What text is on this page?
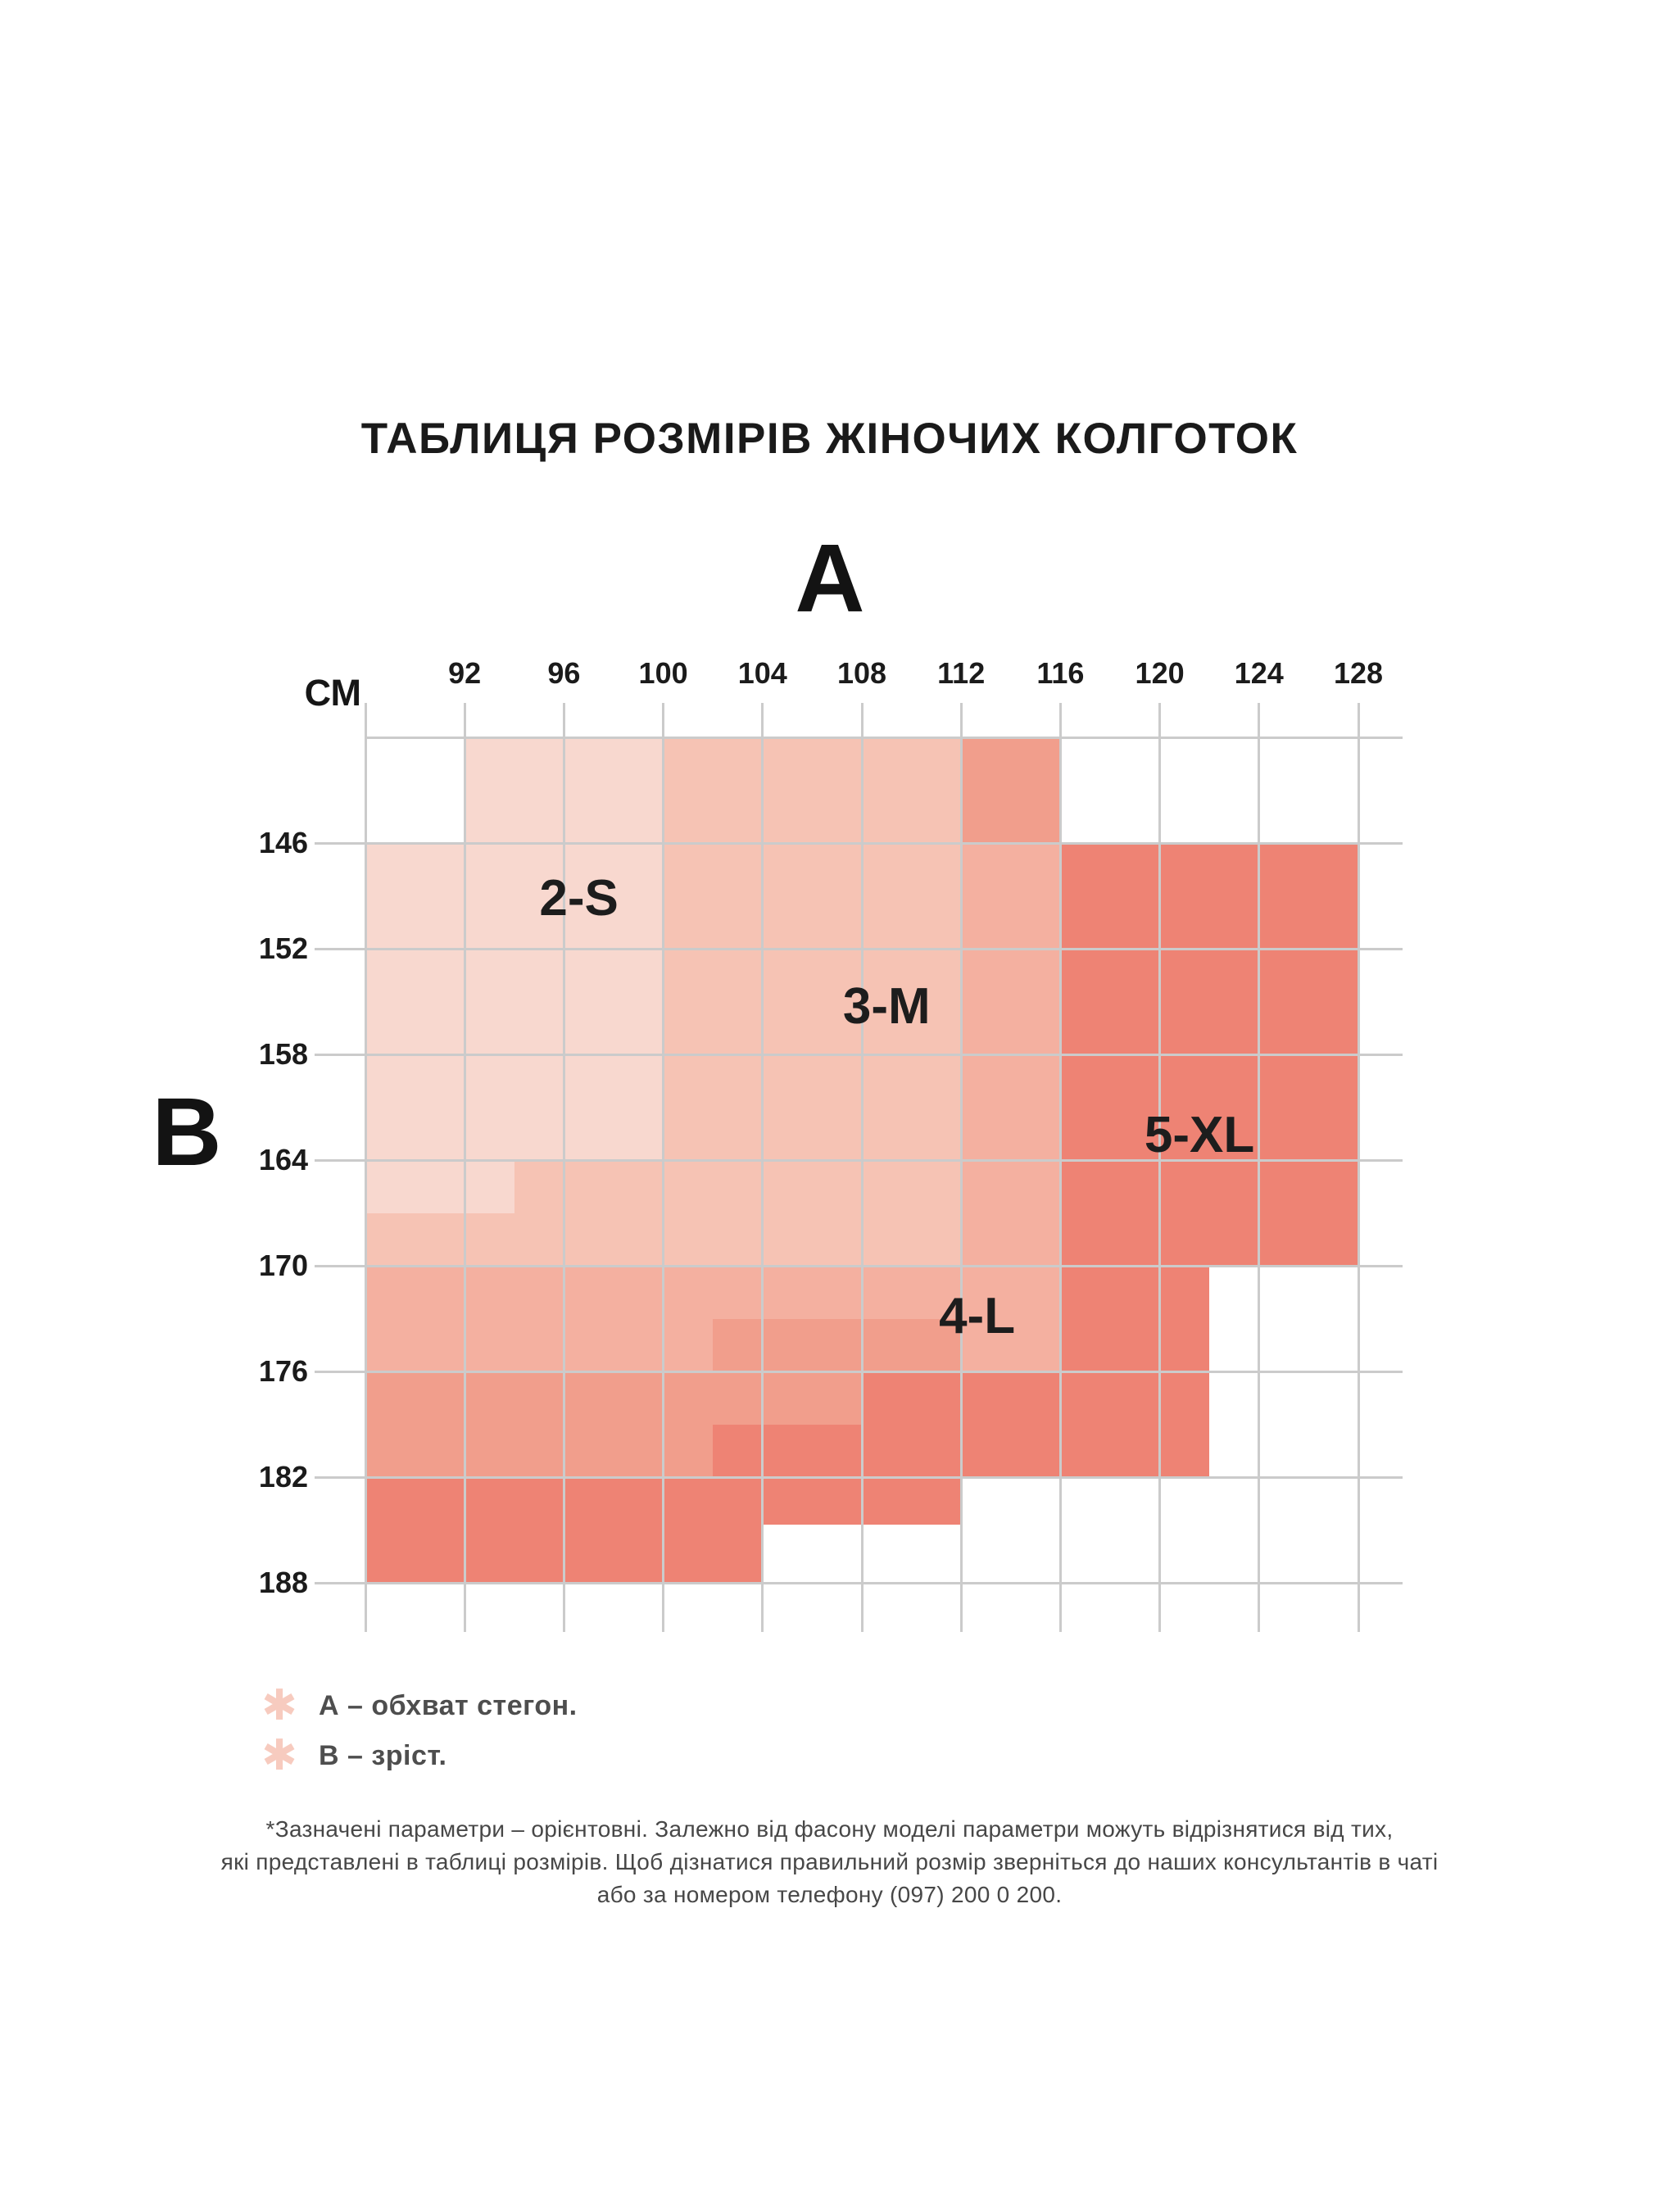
ТАБЛИЦЯ РОЗМІРІВ ЖІНОЧИХ КОЛГОТОК
А
В
СМ	92 96 100 104 108 112 116 120 124 128
146
152
158
164
170
176
182
188
2-S
3-M
5-XL
4-L
✱ А – обхват стегон.
✱ В – зріст.
*Зазначені параметри – орієнтовні. Залежно від фасону моделі параметри можуть відрізнятися від тих,
які представлені в таблиці розмірів. Щоб дізнатися правильний розмір зверніться до наших консультантів в чаті
або за номером телефону (097) 200 0 200.
